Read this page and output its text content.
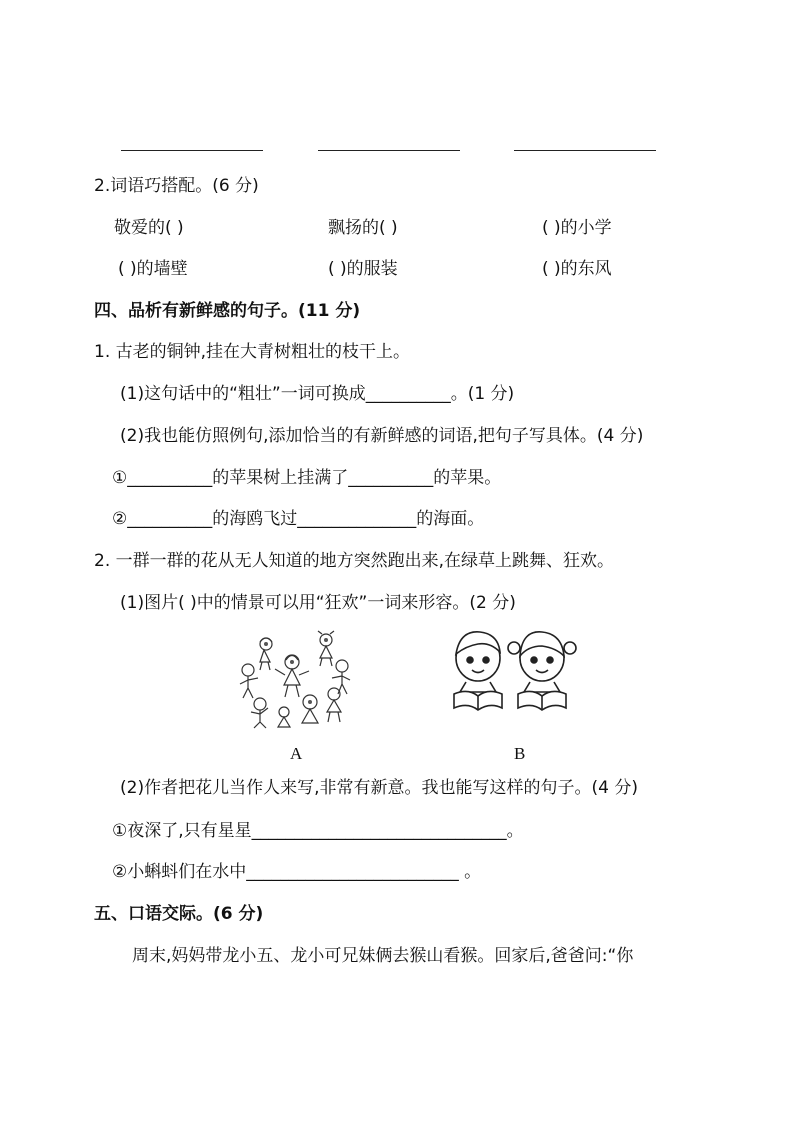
2.词语巧搭配。(6 分)
敬爱的( )	飘扬的( )	( )的小学
( )的墙壁	( )的服装	( )的东风
四、品析有新鲜感的句子。(11 分)
1. 古老的铜钟,挂在大青树粗壮的枝干上。
(1)这句话中的“粗壮”一词可换成__________。(1 分)
(2)我也能仿照例句,添加恰当的有新鲜感的词语,把句子写具体。(4 分)
①__________的苹果树上挂满了__________的苹果。
②__________的海鸥飞过______________的海面。
2. 一群一群的花从无人知道的地方突然跑出来,在绿草上跳舞、狂欢。
(1)图片( )中的情景可以用“狂欢”一词来形容。(2 分)
A	B
(2)作者把花儿当作人来写,非常有新意。我也能写这样的句子。(4 分)
①夜深了,只有星星______________________________。
②小蝌蚪们在水中_________________________ 。
五、口语交际。(6 分)
周末,妈妈带龙小五、龙小可兄妹俩去猴山看猴。回家后,爸爸问:“你
